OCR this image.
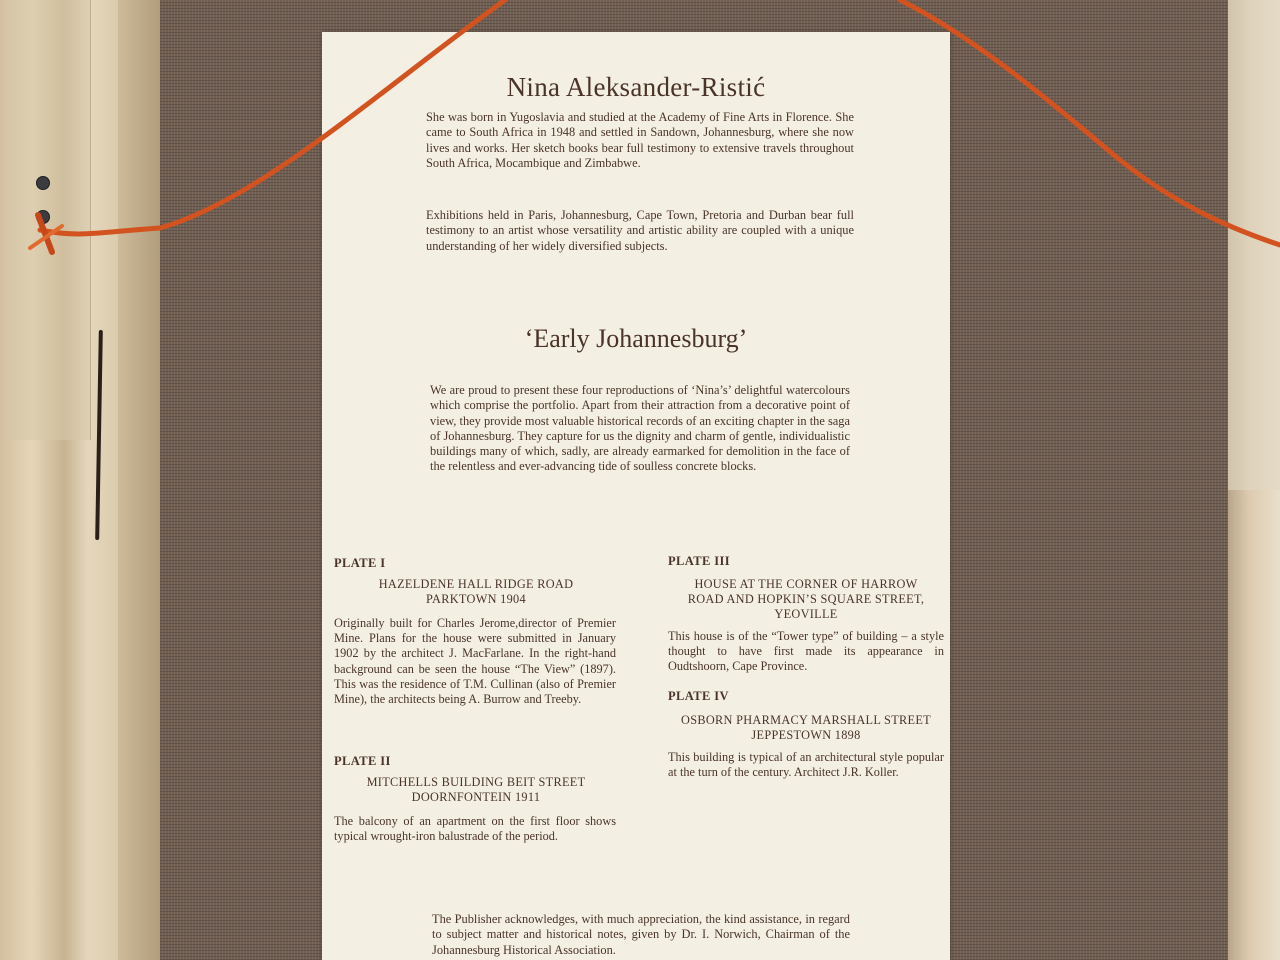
Nina Aleksander-Ristić
She was born in Yugoslavia and studied at the Academy of Fine Arts in Florence. She came to South Africa in 1948 and settled in Sandown, Johannesburg, where she now lives and works. Her sketch books bear full testimony to extensive travels throughout South Africa, Mocambique and Zimbabwe.
Exhibitions held in Paris, Johannesburg, Cape Town, Pretoria and Durban bear full testimony to an artist whose versatility and artistic ability are coupled with a unique understanding of her widely diversified subjects.
‘Early Johannesburg’
We are proud to present these four reproductions of ‘Nina’s’ delightful watercolours which comprise the portfolio. Apart from their attraction from a decorative point of view, they provide most valuable historical records of an exciting chapter in the saga of Johannesburg. They capture for us the dignity and charm of gentle, individualistic buildings many of which, sadly, are already earmarked for demolition in the face of the relentless and ever-advancing tide of soulless concrete blocks.
PLATE I
HAZELDENE HALL RIDGE ROAD
PARKTOWN 1904
Originally built for Charles Jerome,director of Premier Mine. Plans for the house were submitted in January 1902 by the architect J. MacFarlane. In the right-hand background can be seen the house “The View” (1897). This was the residence of T.M. Cullinan (also of Premier Mine), the architects being A. Burrow and Treeby.
PLATE II
MITCHELLS BUILDING BEIT STREET
DOORNFONTEIN 1911
The balcony of an apartment on the first floor shows typical wrought-iron balustrade of the period.
PLATE III
HOUSE AT THE CORNER OF HARROW
ROAD AND HOPKIN’S SQUARE STREET,
YEOVILLE
This house is of the “Tower type” of building – a style thought to have first made its appearance in Oudtshoorn, Cape Province.
PLATE IV
OSBORN PHARMACY MARSHALL STREET
JEPPESTOWN 1898
This building is typical of an architectural style popular at the turn of the century. Architect J.R. Koller.
The Publisher acknowledges, with much appreciation, the kind assistance, in regard to subject matter and historical notes, given by Dr. I. Norwich, Chairman of the Johannesburg Historical Association.
